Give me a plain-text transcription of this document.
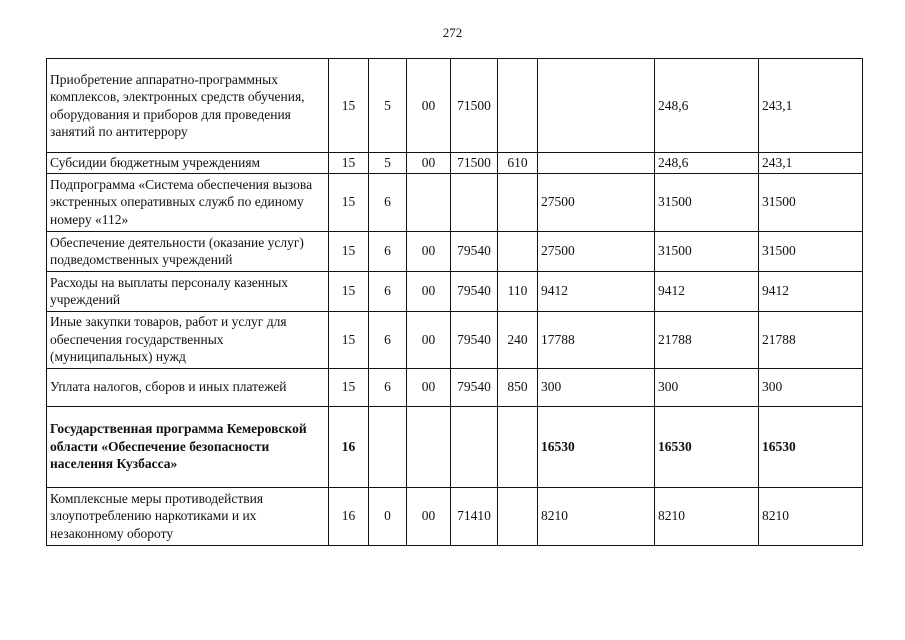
272
Приобретение аппаратно-программных комплексов, электронных средств обучения, оборудования и приборов для проведения занятий по антитеррору	15	5	00	71500			248,6	243,1
Субсидии бюджетным учреждениям	15	5	00	71500	610		248,6	243,1
Подпрограмма «Система обеспечения вызова экстренных оперативных служб по единому номеру «112»	15	6				27500	31500	31500
Обеспечение деятельности (оказание услуг) подведомственных учреждений	15	6	00	79540		27500	31500	31500
Расходы на выплаты персоналу казенных учреждений	15	6	00	79540	110	9412	9412	9412
Иные закупки товаров, работ и услуг для обеспечения государственных (муниципальных) нужд	15	6	00	79540	240	17788	21788	21788
Уплата налогов, сборов и иных платежей	15	6	00	79540	850	300	300	300
Государственная программа Кемеровской области «Обеспечение безопасности населения Кузбасса»	16					16530	16530	16530
Комплексные меры противодействия злоупотреблению наркотиками и их незаконному обороту	16	0	00	71410		8210	8210	8210
